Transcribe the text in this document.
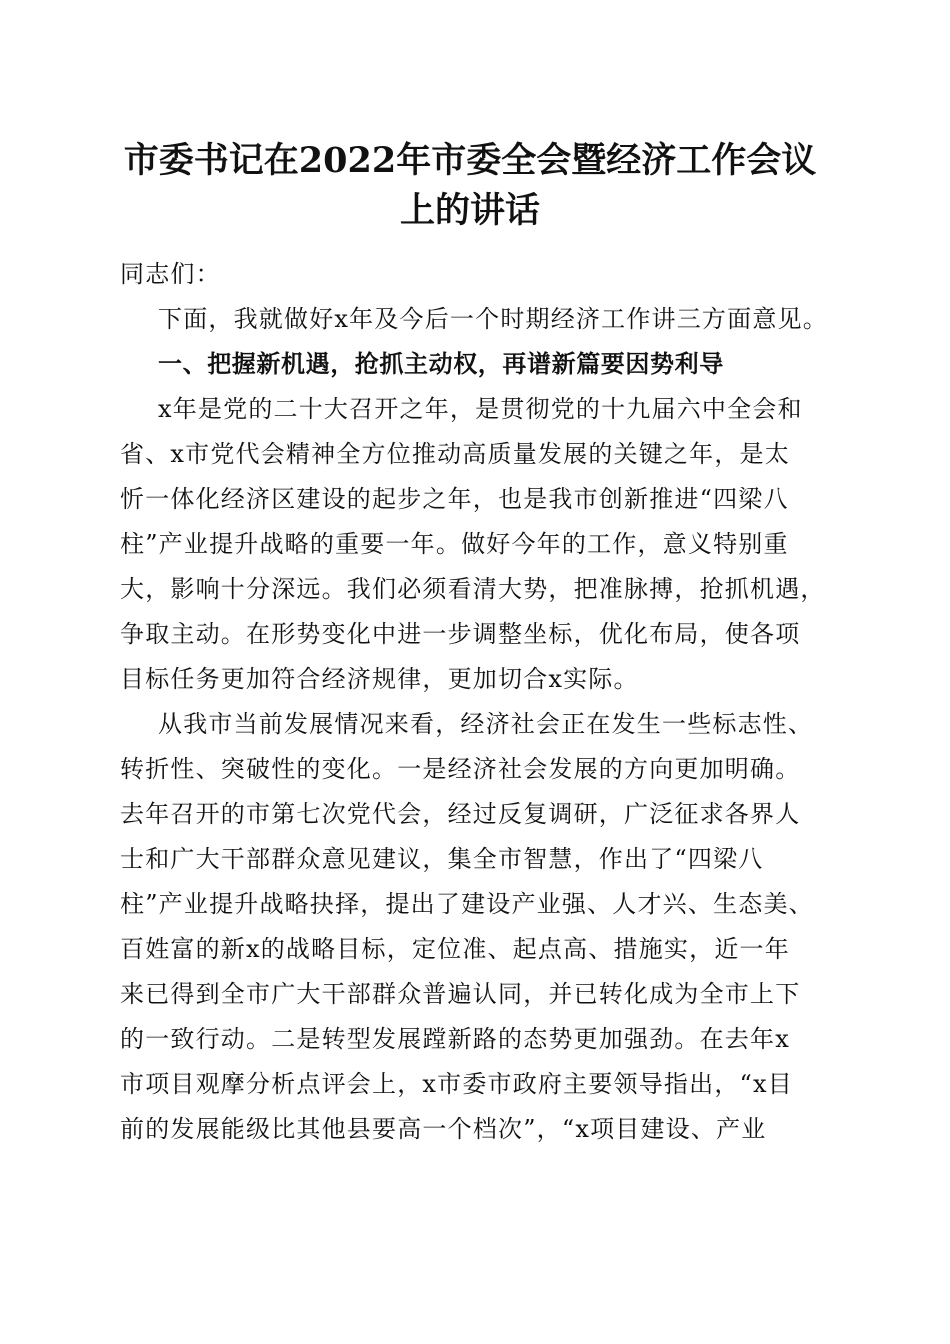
市委书记在2022年市委全会暨经济工作会议
上的讲话
同志们：
下面，我就做好x年及今后一个时期经济工作讲三方面意见。
一、把握新机遇，抢抓主动权，再谱新篇要因势利导
x年是党的二十大召开之年，是贯彻党的十九届六中全会和
省、x市党代会精神全方位推动高质量发展的关键之年，是太
忻一体化经济区建设的起步之年，也是我市创新推进“四梁八
柱”产业提升战略的重要一年。做好今年的工作，意义特别重
大，影响十分深远。我们必须看清大势，把准脉搏，抢抓机遇，
争取主动。在形势变化中进一步调整坐标，优化布局，使各项
目标任务更加符合经济规律，更加切合x实际。
从我市当前发展情况来看，经济社会正在发生一些标志性、
转折性、突破性的变化。一是经济社会发展的方向更加明确。
去年召开的市第七次党代会，经过反复调研，广泛征求各界人
士和广大干部群众意见建议，集全市智慧，作出了“四梁八
柱”产业提升战略抉择，提出了建设产业强、人才兴、生态美、
百姓富的新x的战略目标，定位准、起点高、措施实，近一年
来已得到全市广大干部群众普遍认同，并已转化成为全市上下
的一致行动。二是转型发展蹚新路的态势更加强劲。在去年x
市项目观摩分析点评会上，x市委市政府主要领导指出，“x目
前的发展能级比其他县要高一个档次”，“x项目建设、产业
